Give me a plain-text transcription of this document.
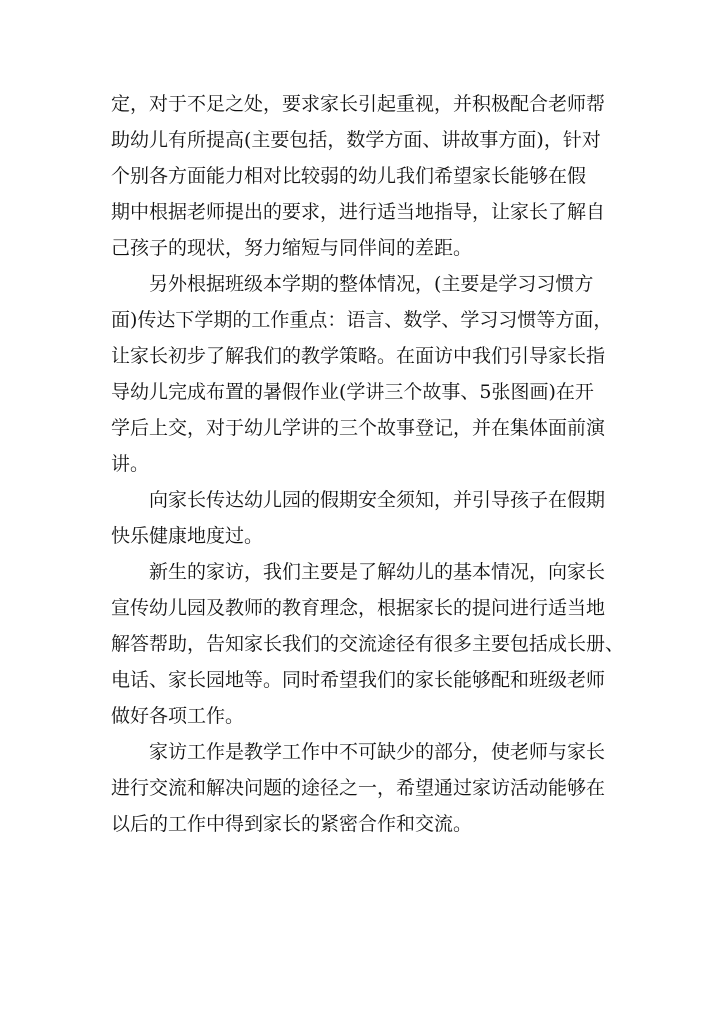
定，对于不足之处，要求家长引起重视，并积极配合老师帮
助幼儿有所提高(主要包括，数学方面、讲故事方面)，针对
个别各方面能力相对比较弱的幼儿我们希望家长能够在假
期中根据老师提出的要求，进行适当地指导，让家长了解自
己孩子的现状，努力缩短与同伴间的差距。
另外根据班级本学期的整体情况，(主要是学习习惯方
面)传达下学期的工作重点：语言、数学、学习习惯等方面，
让家长初步了解我们的教学策略。在面访中我们引导家长指
导幼儿完成布置的暑假作业(学讲三个故事、5张图画)在开
学后上交，对于幼儿学讲的三个故事登记，并在集体面前演
讲。
向家长传达幼儿园的假期安全须知，并引导孩子在假期
快乐健康地度过。
新生的家访，我们主要是了解幼儿的基本情况，向家长
宣传幼儿园及教师的教育理念，根据家长的提问进行适当地
解答帮助，告知家长我们的交流途径有很多主要包括成长册、
电话、家长园地等。同时希望我们的家长能够配和班级老师
做好各项工作。
家访工作是教学工作中不可缺少的部分，使老师与家长
进行交流和解决问题的途径之一，希望通过家访活动能够在
以后的工作中得到家长的紧密合作和交流。
